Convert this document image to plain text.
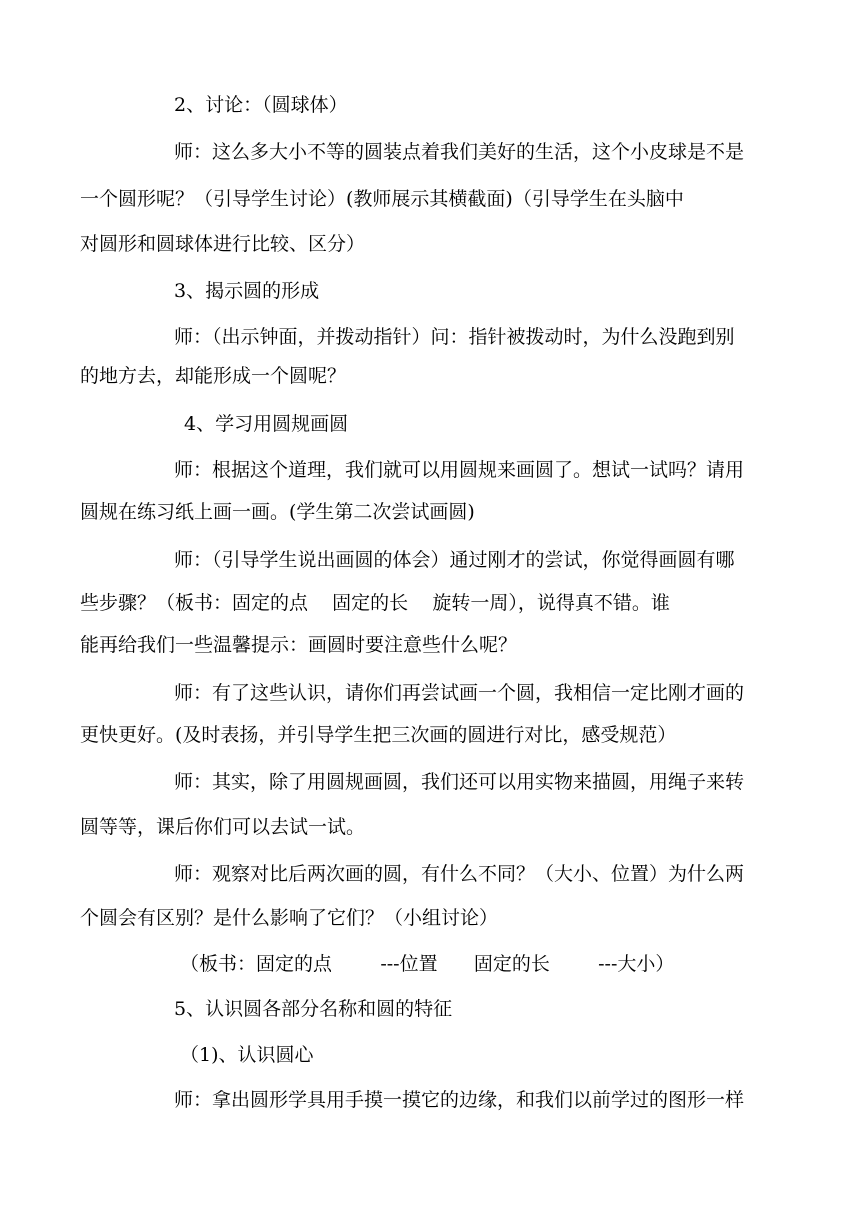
2、讨论：（圆球体）
师：这么多大小不等的圆装点着我们美好的生活，这个小皮球是不是
一个圆形呢？（引导学生讨论）(教师展示其横截面)（引导学生在头脑中
对圆形和圆球体进行比较、区分）
3、揭示圆的形成
师：（出示钟面，并拨动指针）问：指针被拨动时，为什么没跑到别
的地方去，却能形成一个圆呢？
4、学习用圆规画圆
师：根据这个道理，我们就可以用圆规来画圆了。想试一试吗？请用
圆规在练习纸上画一画。(学生第二次尝试画圆)
师：（引导学生说出画圆的体会）通过刚才的尝试，你觉得画圆有哪
些步骤？（板书：固定的点    固定的长    旋转一周），说得真不错。谁
能再给我们一些温馨提示：画圆时要注意些什么呢？
师：有了这些认识，请你们再尝试画一个圆，我相信一定比刚才画的
更快更好。(及时表扬，并引导学生把三次画的圆进行对比，感受规范）
师：其实，除了用圆规画圆，我们还可以用实物来描圆，用绳子来转
圆等等，课后你们可以去试一试。
师：观察对比后两次画的圆，有什么不同？（大小、位置）为什么两
个圆会有区别？是什么影响了它们？（小组讨论）
（板书：固定的点        ---位置      固定的长        ---大小）
5、认识圆各部分名称和圆的特征
（1)、认识圆心
师：拿出圆形学具用手摸一摸它的边缘，和我们以前学过的图形一样
